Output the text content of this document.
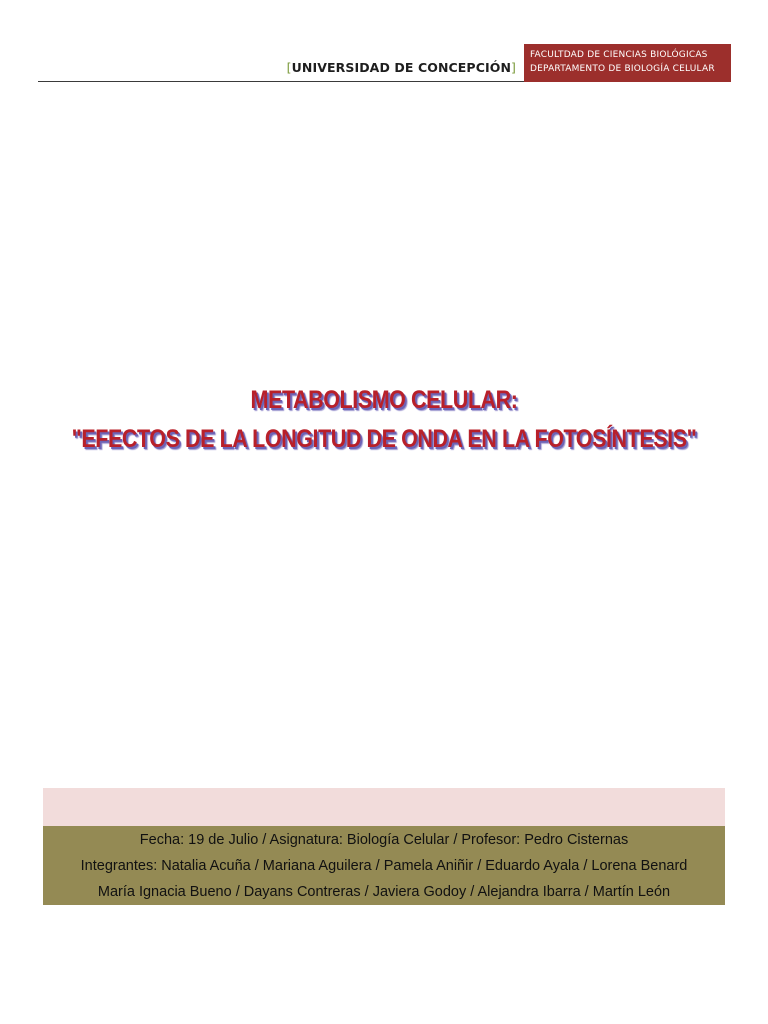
[UNIVERSIDAD DE CONCEPCIÓN]
FACULTDAD DE CIENCIAS BIOLÓGICAS
DEPARTAMENTO DE BIOLOGÍA CELULAR
METABOLISMO CELULAR:
"EFECTOS DE LA LONGITUD DE ONDA EN LA FOTOSÍNTESIS"
Fecha: 19 de Julio / Asignatura: Biología Celular / Profesor: Pedro Cisternas
Integrantes: Natalia Acuña / Mariana Aguilera / Pamela Aniñir / Eduardo Ayala / Lorena Benard
María Ignacia Bueno / Dayans Contreras / Javiera Godoy / Alejandra Ibarra / Martín León
